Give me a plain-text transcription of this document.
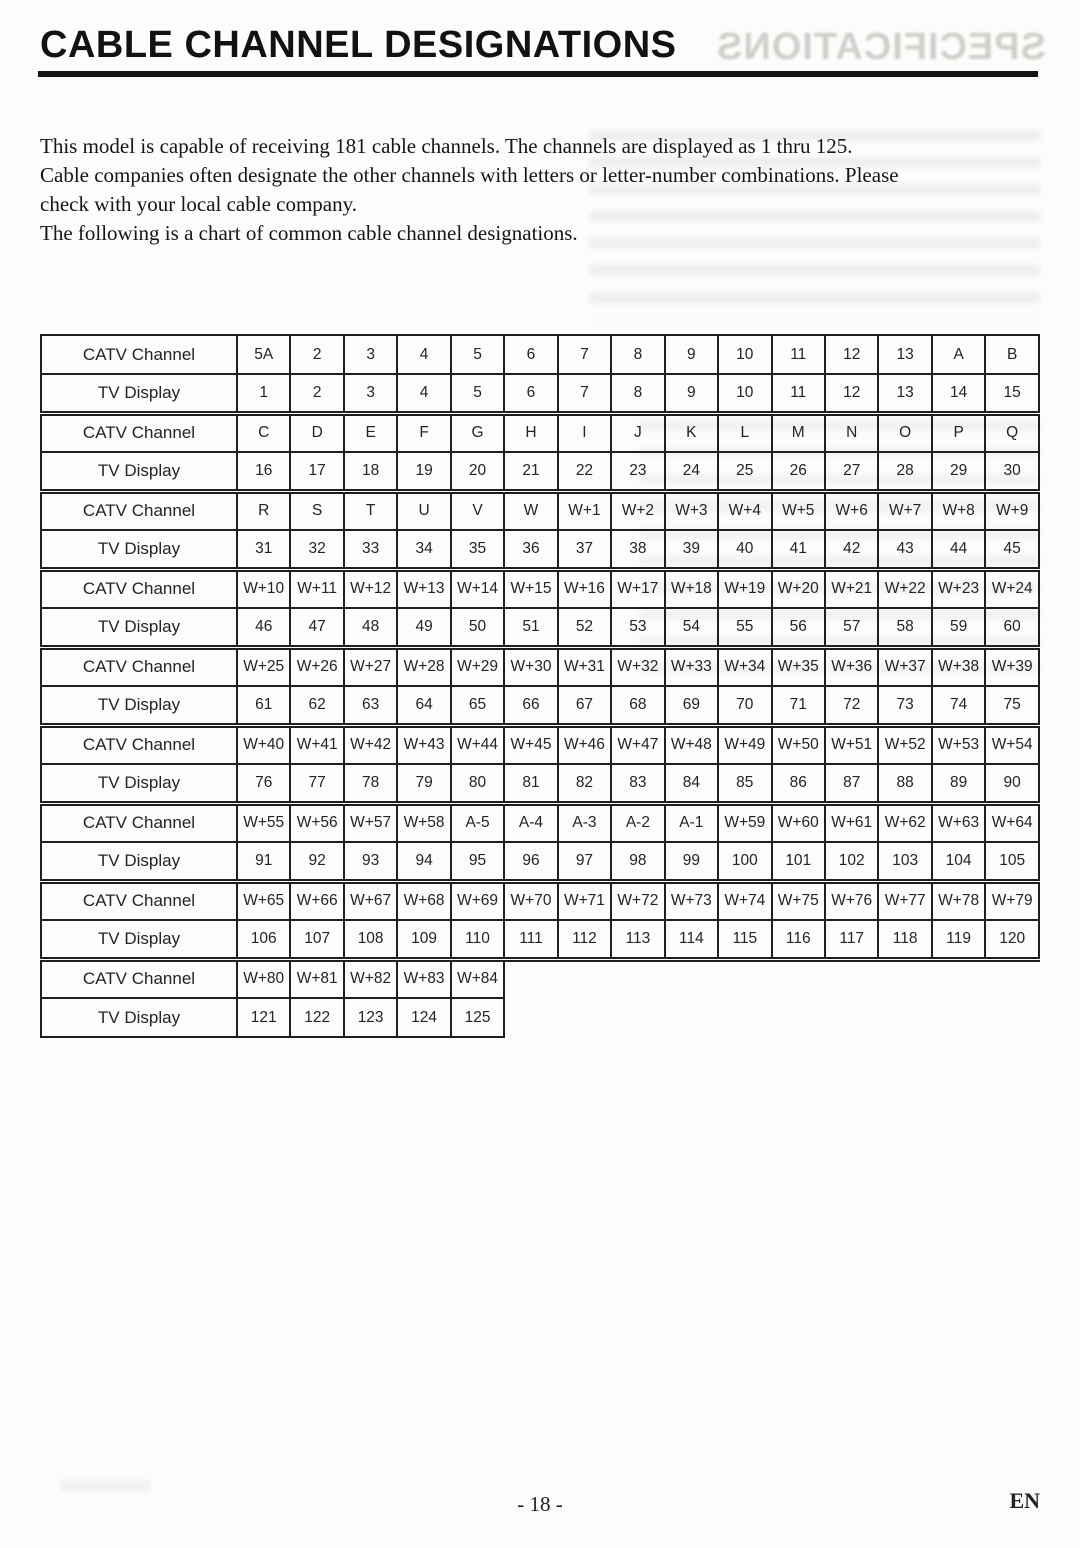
SPECIFICATIONS
CABLE CHANNEL DESIGNATIONS
This model is capable of receiving 181 cable channels. The channels are displayed as 1 thru 125.
Cable companies often designate the other channels with letters or letter-number combinations. Please
check with your local cable company.
The following is a chart of common cable channel designations.
CATV Channel	5A	2	3	4	5	6	7	8	9	10	11	12	13	A	B
TV Display	1	2	3	4	5	6	7	8	9	10	11	12	13	14	15
CATV Channel	C	D	E	F	G	H	I	J	K	L	M	N	O	P	Q
TV Display	16	17	18	19	20	21	22	23	24	25	26	27	28	29	30
CATV Channel	R	S	T	U	V	W	W+1	W+2	W+3	W+4	W+5	W+6	W+7	W+8	W+9
TV Display	31	32	33	34	35	36	37	38	39	40	41	42	43	44	45
CATV Channel	W+10	W+11	W+12	W+13	W+14	W+15	W+16	W+17	W+18	W+19	W+20	W+21	W+22	W+23	W+24
TV Display	46	47	48	49	50	51	52	53	54	55	56	57	58	59	60
CATV Channel	W+25	W+26	W+27	W+28	W+29	W+30	W+31	W+32	W+33	W+34	W+35	W+36	W+37	W+38	W+39
TV Display	61	62	63	64	65	66	67	68	69	70	71	72	73	74	75
CATV Channel	W+40	W+41	W+42	W+43	W+44	W+45	W+46	W+47	W+48	W+49	W+50	W+51	W+52	W+53	W+54
TV Display	76	77	78	79	80	81	82	83	84	85	86	87	88	89	90
CATV Channel	W+55	W+56	W+57	W+58	A-5	A-4	A-3	A-2	A-1	W+59	W+60	W+61	W+62	W+63	W+64
TV Display	91	92	93	94	95	96	97	98	99	100	101	102	103	104	105
CATV Channel	W+65	W+66	W+67	W+68	W+69	W+70	W+71	W+72	W+73	W+74	W+75	W+76	W+77	W+78	W+79
TV Display	106	107	108	109	110	111	112	113	114	115	116	117	118	119	120
CATV Channel	W+80	W+81	W+82	W+83	W+84										
TV Display	121	122	123	124	125										
- 18 -	EN
